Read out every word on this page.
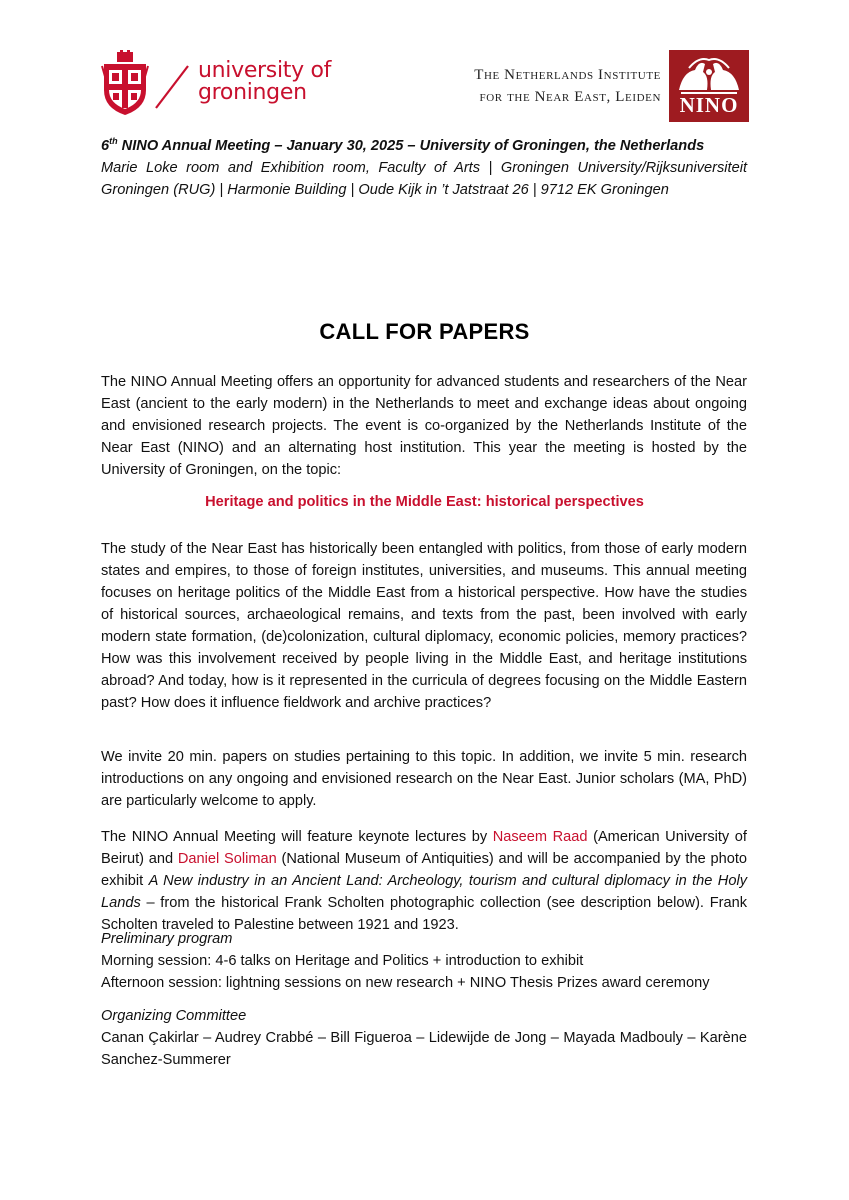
university of
groningen
The Netherlands Institute
for the Near East, Leiden NINO
6th NINO Annual Meeting – January 30, 2025 – University of Groningen, the Netherlands
Marie Loke room and Exhibition room, Faculty of Arts | Groningen University/Rijksuniversiteit Groningen (RUG) | Harmonie Building | Oude Kijk in ’t Jatstraat 26 | 9712 EK Groningen
CALL FOR PAPERS
The NINO Annual Meeting offers an opportunity for advanced students and researchers of the Near East (ancient to the early modern) in the Netherlands to meet and exchange ideas about ongoing and envisioned research projects. The event is co-organized by the Netherlands Institute of the Near East (NINO) and an alternating host institution. This year the meeting is hosted by the University of Groningen, on the topic:
Heritage and politics in the Middle East: historical perspectives
The study of the Near East has historically been entangled with politics, from those of early modern states and empires, to those of foreign institutes, universities, and museums. This annual meeting focuses on heritage politics of the Middle East from a historical perspective. How have the studies of historical sources, archaeological remains, and texts from the past, been involved with early modern state formation, (de)colonization, cultural diplomacy, economic policies, memory practices? How was this involvement received by people living in the Middle East, and heritage institutions abroad? And today, how is it represented in the curricula of degrees focusing on the Middle Eastern past? How does it influence fieldwork and archive practices?
We invite 20 min. papers on studies pertaining to this topic. In addition, we invite 5 min. research introductions on any ongoing and envisioned research on the Near East. Junior scholars (MA, PhD) are particularly welcome to apply.
The NINO Annual Meeting will feature keynote lectures by Naseem Raad (American University of Beirut) and Daniel Soliman (National Museum of Antiquities) and will be accompanied by the photo exhibit A New industry in an Ancient Land: Archeology, tourism and cultural diplomacy in the Holy Lands – from the historical Frank Scholten photographic collection (see description below). Frank Scholten traveled to Palestine between 1921 and 1923.
Preliminary program
Morning session: 4-6 talks on Heritage and Politics + introduction to exhibit
Afternoon session: lightning sessions on new research + NINO Thesis Prizes award ceremony
Organizing Committee
Canan Çakirlar – Audrey Crabbé – Bill Figueroa – Lidewijde de Jong – Mayada Madbouly – Karène Sanchez-Summerer
